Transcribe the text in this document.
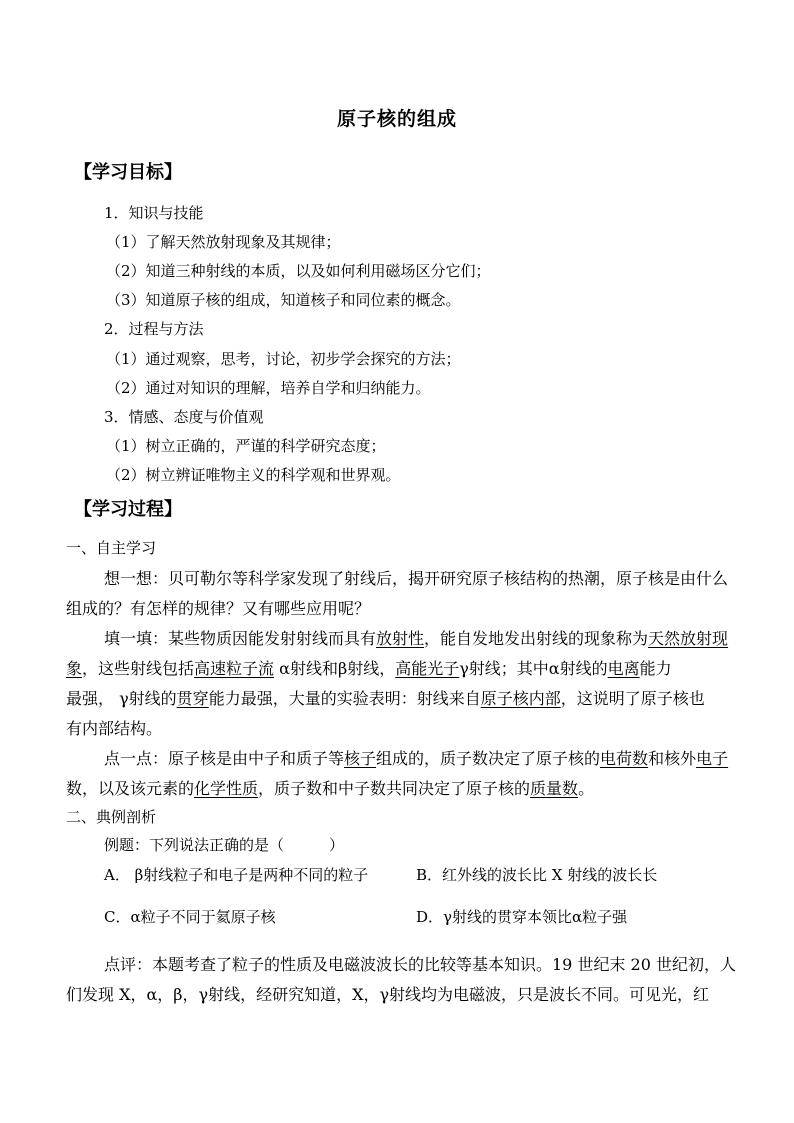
原子核的组成
【学习目标】
1．知识与技能
（1）了解天然放射现象及其规律；
（2）知道三种射线的本质，以及如何利用磁场区分它们；
（3）知道原子核的组成，知道核子和同位素的概念。
2．过程与方法
（1）通过观察，思考，讨论，初步学会探究的方法；
（2）通过对知识的理解，培养自学和归纳能力。
3．情感、态度与价值观
（1）树立正确的，严谨的科学研究态度；
（2）树立辨证唯物主义的科学观和世界观。
【学习过程】
一、自主学习
想一想：贝可勒尔等科学家发现了射线后，揭开研究原子核结构的热潮，原子核是由什么
组成的？有怎样的规律？又有哪些应用呢？
填一填：某些物质因能发射射线而具有放射性，能自发地发出射线的现象称为天然放射现
象，这些射线包括高速粒子流 α射线和β射线，高能光子γ射线；其中α射线的电离能力
最强， γ射线的贯穿能力最强，大量的实验表明：射线来自原子核内部，这说明了原子核也
有内部结构。
点一点：原子核是由中子和质子等核子组成的，质子数决定了原子核的电荷数和核外电子
数，以及该元素的化学性质，质子数和中子数共同决定了原子核的质量数。
二、典例剖析
例题：下列说法正确的是（　　　）
A． β射线粒子和电子是两种不同的粒子	B．红外线的波长比 X 射线的波长长
C．α粒子不同于氦原子核	D．γ射线的贯穿本领比α粒子强
点评：本题考查了粒子的性质及电磁波波长的比较等基本知识。19 世纪末 20 世纪初，人
们发现 X，α，β，γ射线，经研究知道，X，γ射线均为电磁波，只是波长不同。可见光，红
